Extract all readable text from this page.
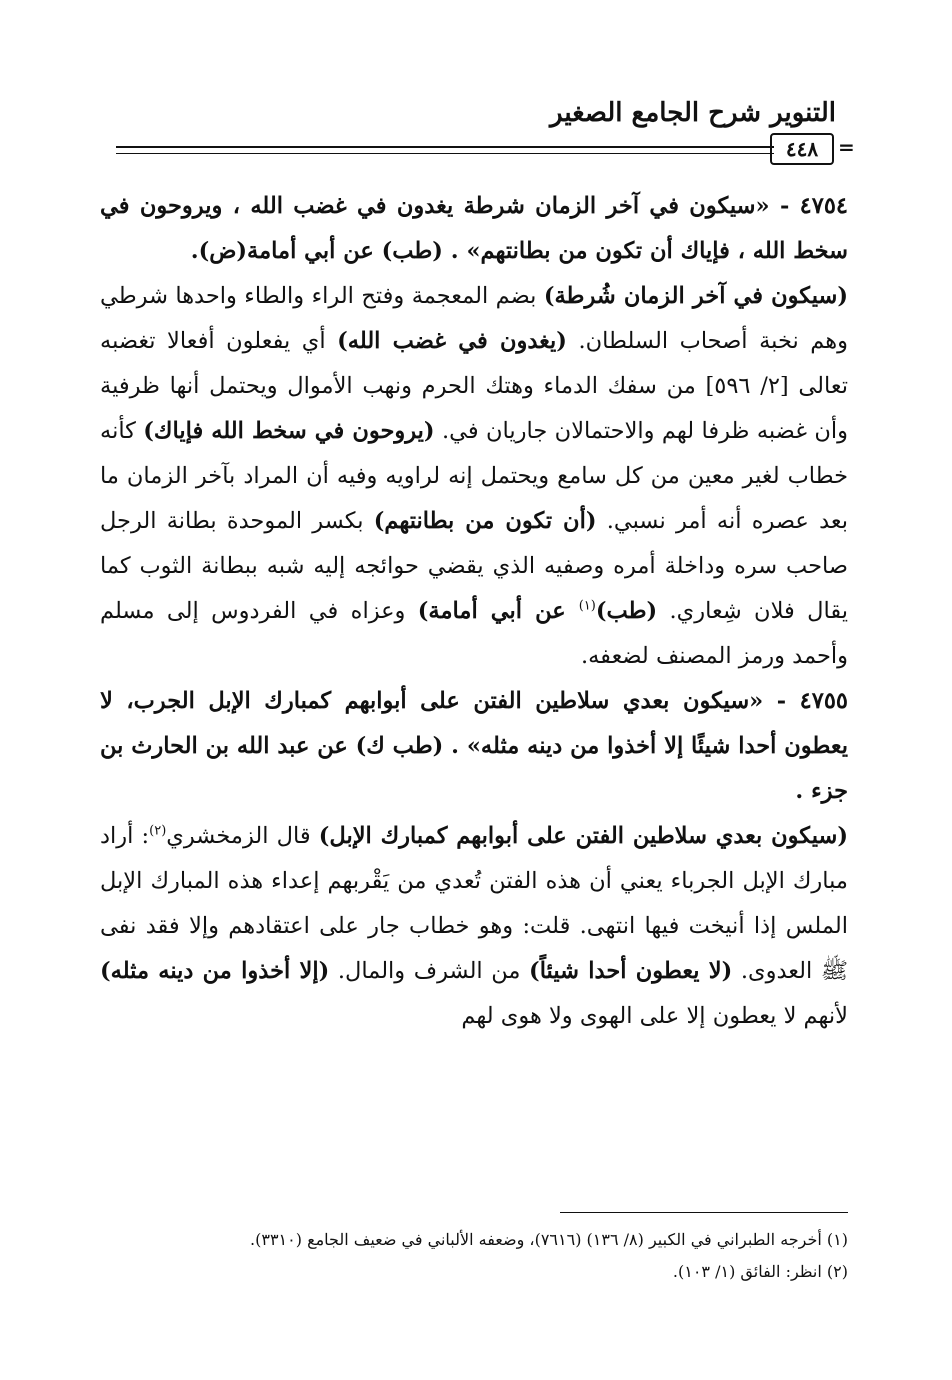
التنوير شرح الجامع الصغير
٤٤٨ =

٤٧٥٤ - «سيكون في آخر الزمان شرطة يغدون في غضب الله ، ويروحون في سخط الله ، فإياك أن تكون من بطانتهم» . (طب) عن أبي أمامة(ض).

(سيكون في آخر الزمان شُرطة) بضم المعجمة وفتح الراء والطاء واحدها شرطي وهم نخبة أصحاب السلطان. (يغدون في غضب الله) أي يفعلون أفعالا تغضبه تعالى [٢/ ٥٩٦] من سفك الدماء وهتك الحرم ونهب الأموال ويحتمل أنها ظرفية وأن غضبه ظرفا لهم والاحتمالان جاريان في. (يروحون في سخط الله فإياك) كأنه خطاب لغير معين من كل سامع ويحتمل إنه لراويه وفيه أن المراد بآخر الزمان ما بعد عصره أنه أمر نسبي. (أن تكون من بطانتهم) بكسر الموحدة بطانة الرجل صاحب سره وداخلة أمره وصفيه الذي يقضي حوائجه إليه شبه ببطانة الثوب كما يقال فلان شِعاري. (طب)$^{(١)}$ عن أبي أمامة) وعزاه في الفردوس إلى مسلم وأحمد ورمز المصنف لضعفه.

٤٧٥٥ - «سيكون بعدي سلاطين الفتن على أبوابهم كمبارك الإبل الجرب، لا يعطون أحدا شيئًا إلا أخذوا من دينه مثله» . (طب ك) عن عبد الله بن الحارث بن جزء .

(سيكون بعدي سلاطين الفتن على أبوابهم كمبارك الإبل) قال الزمخشري$^{(٢)}$: أراد مبارك الإبل الجرباء يعني أن هذه الفتن تُعدي من يَقْربهم إعداء هذه المبارك الإبل الملس إذا أنيخت فيها انتهى. قلت: وهو خطاب جار على اعتقادهم وإلا فقد نفى ﷺ العدوى. (لا يعطون أحدا شيئاً) من الشرف والمال. (إلا أخذوا من دينه مثله) لأنهم لا يعطون إلا على الهوى ولا هوى لهم

(١) أخرجه الطبراني في الكبير (٨/ ١٣٦) (٧٦١٦)، وضعفه الألباني في ضعيف الجامع (٣٣١٠).

(٢) انظر: الفائق (١/ ١٠٣).
